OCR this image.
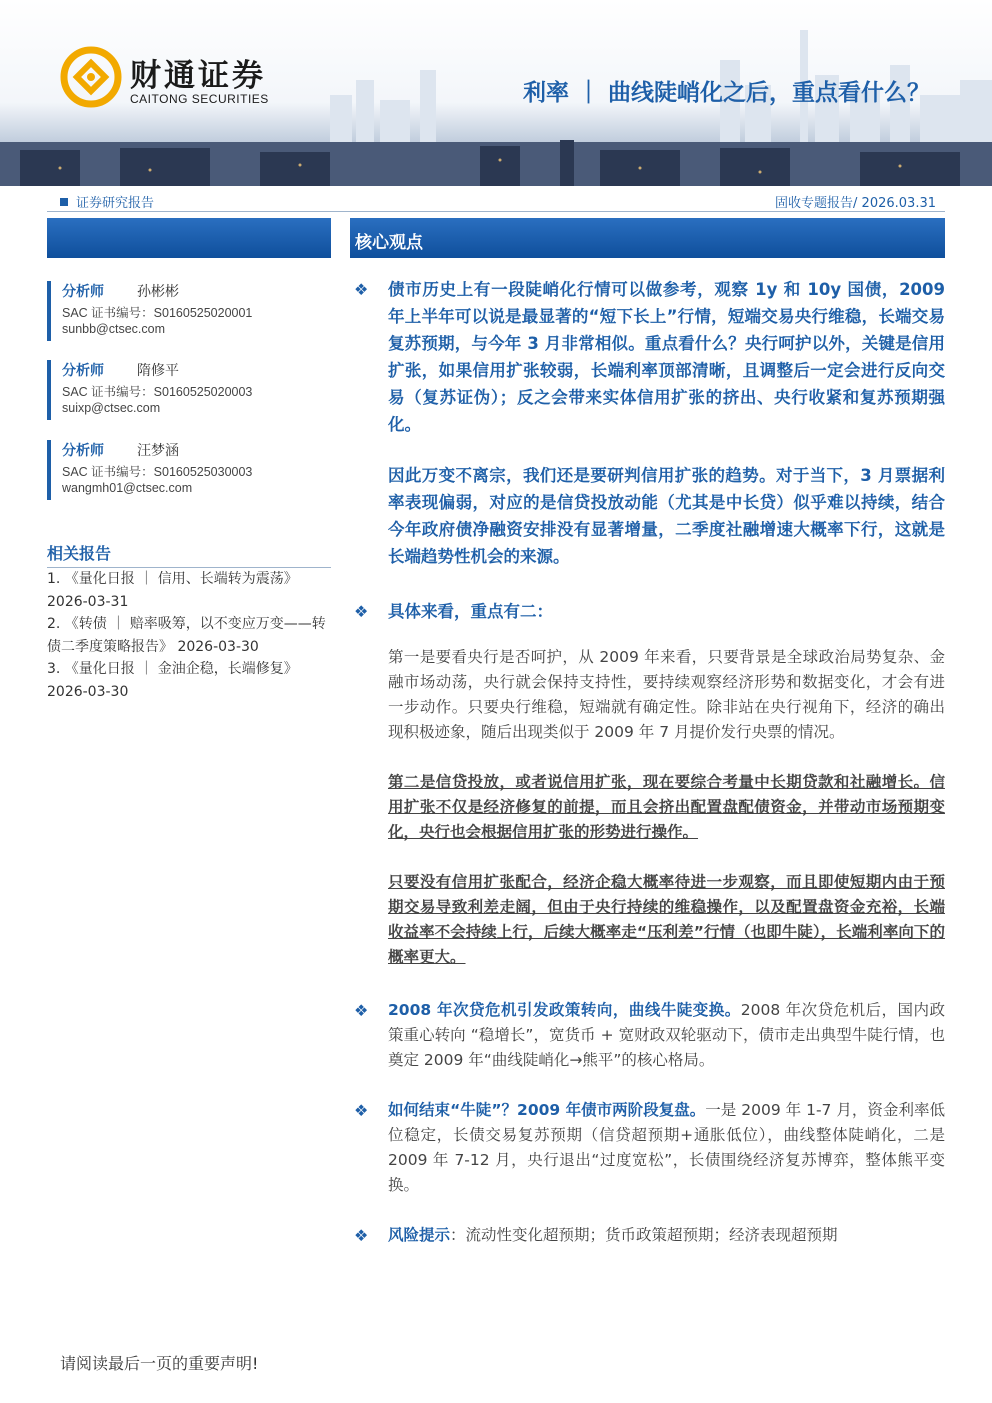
财通证券
CAITONG SECURITIES	利率 ｜ 曲线陡峭化之后，重点看什么？
证券研究报告	固收专题报告/ 2026.03.31
分析师 孙彬彬
SAC 证书编号：S0160525020001
sunbb@ctsec.com
分析师 隋修平
SAC 证书编号：S0160525020003
suixp@ctsec.com
分析师 汪梦涵
SAC 证书编号：S0160525030003
wangmh01@ctsec.com
相关报告
1. 《量化日报 ｜ 信用、长端转为震荡》 2026-03-31
2. 《转债 ｜ 赔率吸筹，以不变应万变——转债二季度策略报告》 2026-03-30
3. 《量化日报 ｜ 金油企稳，长端修复》 2026-03-30
核心观点
❖ 债市历史上有一段陡峭化行情可以做参考，观察 1y 和 10y 国债，2009 年上半年可以说是最显著的“短下长上”行情，短端交易央行维稳，长端交易复苏预期，与今年 3 月非常相似。重点看什么？央行呵护以外，关键是信用扩张，如果信用扩张较弱，长端利率顶部清晰，且调整后一定会进行反向交易（复苏证伪）；反之会带来实体信用扩张的挤出、央行收紧和复苏预期强化。
因此万变不离宗，我们还是要研判信用扩张的趋势。对于当下，3 月票据利率表现偏弱，对应的是信贷投放动能（尤其是中长贷）似乎难以持续，结合今年政府债净融资安排没有显著增量，二季度社融增速大概率下行，这就是长端趋势性机会的来源。
❖ 具体来看，重点有二：
第一是要看央行是否呵护，从 2009 年来看，只要背景是全球政治局势复杂、金融市场动荡，央行就会保持支持性，要持续观察经济形势和数据变化，才会有进一步动作。只要央行维稳，短端就有确定性。除非站在央行视角下，经济的确出现积极迹象，随后出现类似于 2009 年 7 月提价发行央票的情况。
第二是信贷投放，或者说信用扩张，现在要综合考量中长期贷款和社融增长。信用扩张不仅是经济修复的前提，而且会挤出配置盘配债资金，并带动市场预期变化，央行也会根据信用扩张的形势进行操作。
只要没有信用扩张配合，经济企稳大概率待进一步观察，而且即使短期内由于预期交易导致利差走阔，但由于央行持续的维稳操作，以及配置盘资金充裕，长端收益率不会持续上行，后续大概率走“压利差”行情（也即牛陡），长端利率向下的概率更大。
❖ 2008 年次贷危机引发政策转向，曲线牛陡变换。2008 年次贷危机后，国内政策重心转向 “稳增长”，宽货币 + 宽财政双轮驱动下，债市走出典型牛陡行情，也奠定 2009 年“曲线陡峭化→熊平”的核心格局。
❖ 如何结束“牛陡”？2009 年债市两阶段复盘。一是 2009 年 1-7 月，资金利率低位稳定，长债交易复苏预期（信贷超预期+通胀低位），曲线整体陡峭化，二是 2009 年 7-12 月，央行退出“过度宽松”，长债围绕经济复苏博弈，整体熊平变换。
❖ 风险提示：流动性变化超预期；货币政策超预期；经济表现超预期
请阅读最后一页的重要声明!
